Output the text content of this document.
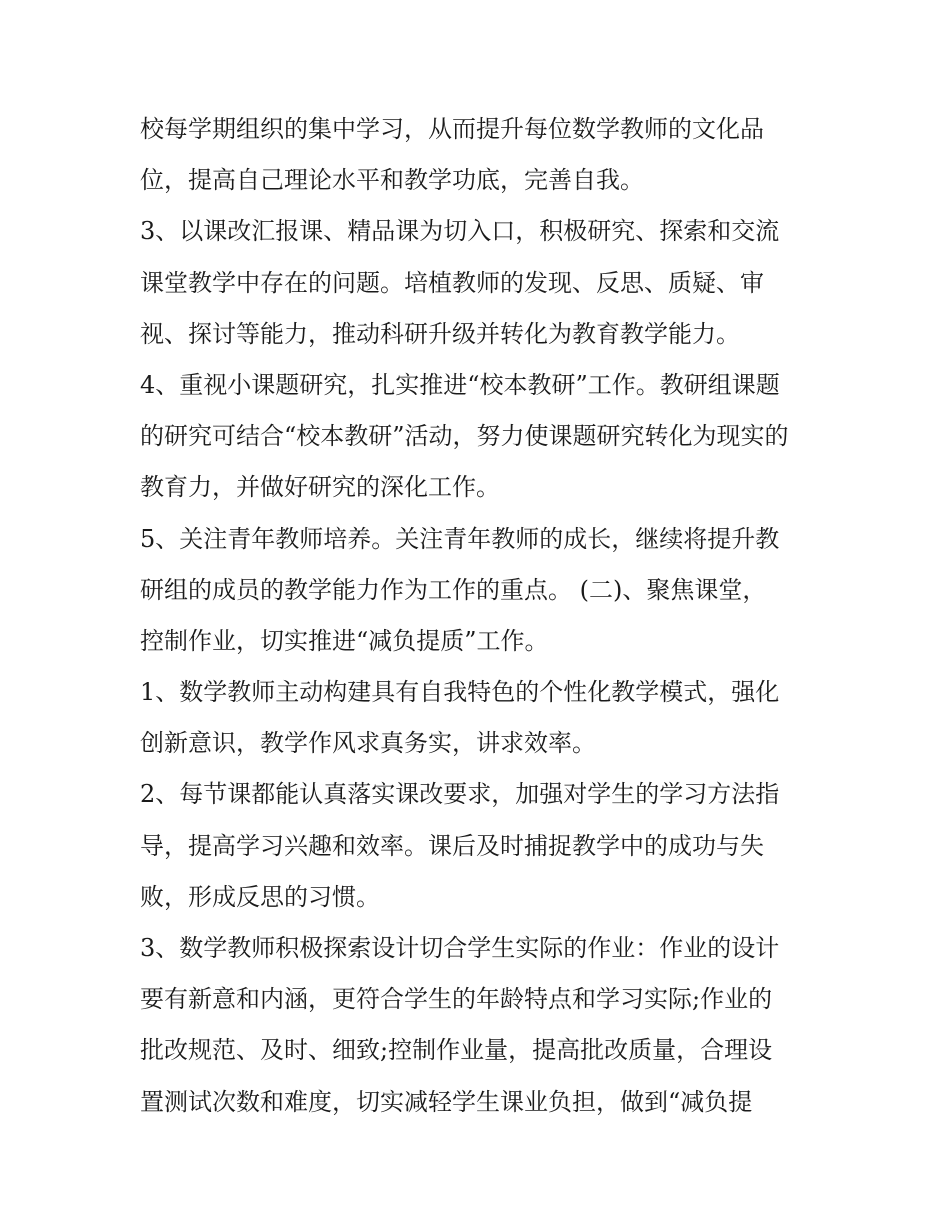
校每学期组织的集中学习，从而提升每位数学教师的文化品
位，提高自己理论水平和教学功底，完善自我。
3、以课改汇报课、精品课为切入口，积极研究、探索和交流
课堂教学中存在的问题。培植教师的发现、反思、质疑、审
视、探讨等能力，推动科研升级并转化为教育教学能力。
4、重视小课题研究，扎实推进“校本教研”工作。教研组课题
的研究可结合“校本教研”活动，努力使课题研究转化为现实的
教育力，并做好研究的深化工作。
5、关注青年教师培养。关注青年教师的成长，继续将提升教
研组的成员的教学能力作为工作的重点。 (二)、聚焦课堂，
控制作业，切实推进“减负提质”工作。
1、数学教师主动构建具有自我特色的个性化教学模式，强化
创新意识，教学作风求真务实，讲求效率。
2、每节课都能认真落实课改要求，加强对学生的学习方法指
导，提高学习兴趣和效率。课后及时捕捉教学中的成功与失
败，形成反思的习惯。
3、数学教师积极探索设计切合学生实际的作业：作业的设计
要有新意和内涵，更符合学生的年龄特点和学习实际;作业的
批改规范、及时、细致;控制作业量，提高批改质量，合理设
置测试次数和难度，切实减轻学生课业负担，做到“减负提
